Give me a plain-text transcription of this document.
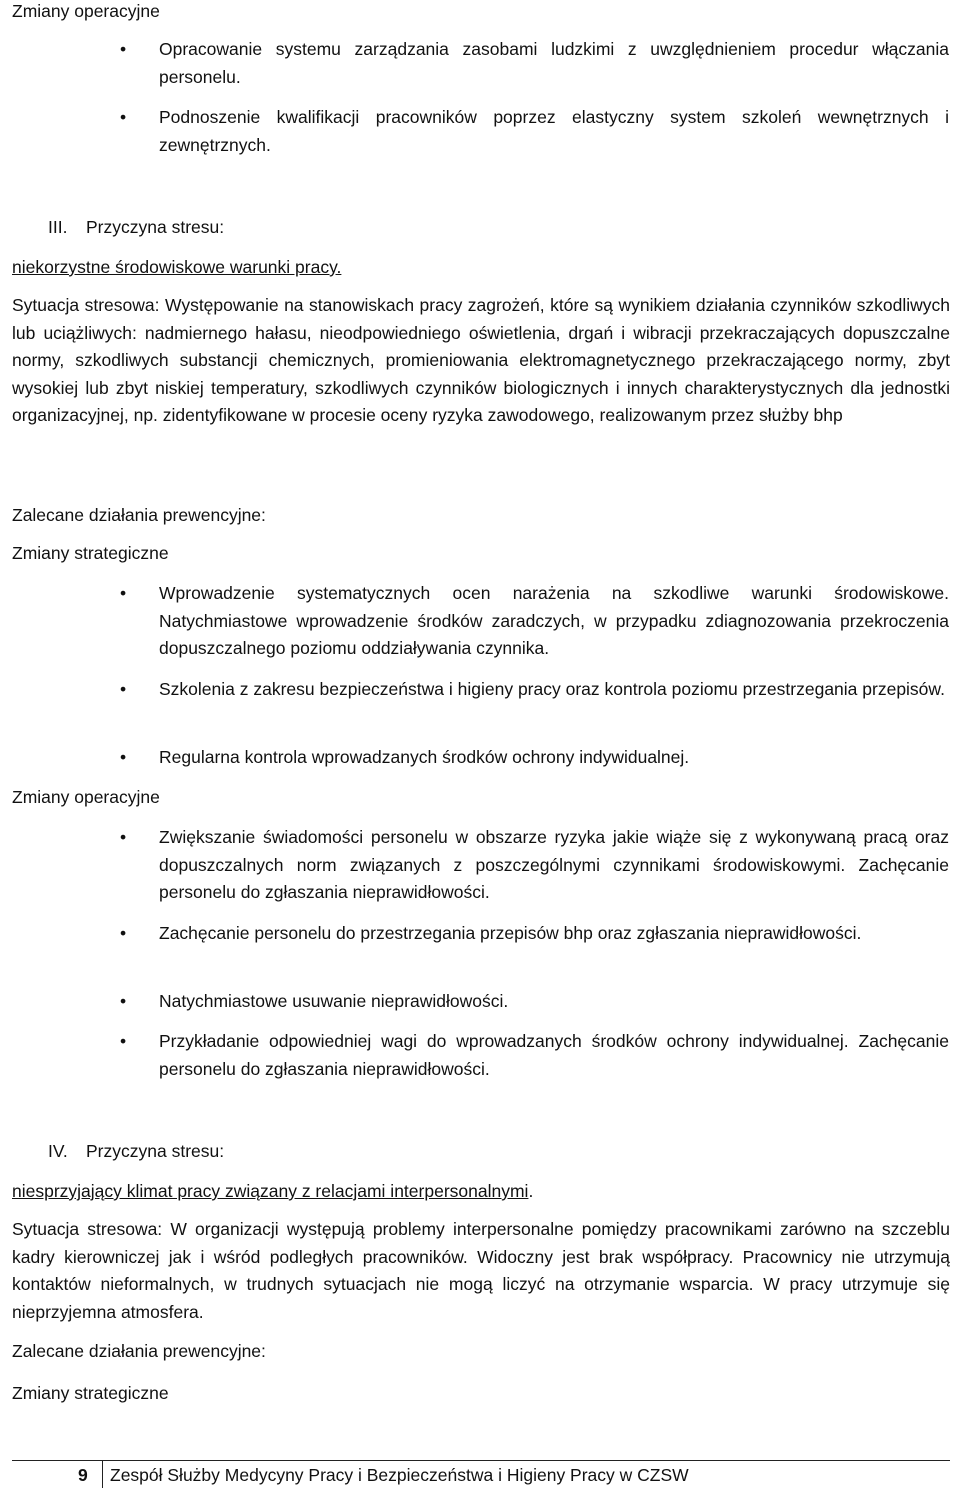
Zmiany operacyjne

• Opracowanie systemu zarządzania zasobami ludzkimi z uwzględnieniem procedur włączania personelu.
• Podnoszenie kwalifikacji pracowników poprzez elastyczny system szkoleń wewnętrznych i zewnętrznych.
III. Przyczyna stresu:

niekorzystne środowiskowe warunki pracy.

Sytuacja stresowa: Występowanie na stanowiskach pracy zagrożeń, które są wynikiem działania czynników szkodliwych lub uciążliwych: nadmiernego hałasu, nieodpowiedniego oświetlenia, drgań i wibracji przekraczających dopuszczalne normy, szkodliwych substancji chemicznych, promieniowania elektromagnetycznego przekraczającego normy, zbyt wysokiej lub zbyt niskiej temperatury, szkodliwych czynników biologicznych i innych charakterystycznych dla jednostki organizacyjnej, np. zidentyfikowane w procesie oceny ryzyka zawodowego, realizowanym przez służby bhp

Zalecane działania prewencyjne:

Zmiany strategiczne

• Wprowadzenie systematycznych ocen narażenia na szkodliwe warunki środowiskowe. Natychmiastowe wprowadzenie środków zaradczych, w przypadku zdiagnozowania przekroczenia dopuszczalnego poziomu oddziaływania czynnika.
• Szkolenia z zakresu bezpieczeństwa i higieny pracy oraz kontrola poziomu przestrzegania przepisów.
• Regularna kontrola wprowadzanych środków ochrony indywidualnej.

Zmiany operacyjne

• Zwiększanie świadomości personelu w obszarze ryzyka jakie wiąże się z wykonywaną pracą oraz dopuszczalnych norm związanych z poszczególnymi czynnikami środowiskowymi. Zachęcanie personelu do zgłaszania nieprawidłowości.
• Zachęcanie personelu do przestrzegania przepisów bhp oraz zgłaszania nieprawidłowości.
• Natychmiastowe usuwanie nieprawidłowości.
• Przykładanie odpowiedniej wagi do wprowadzanych środków ochrony indywidualnej. Zachęcanie personelu do zgłaszania nieprawidłowości.
IV. Przyczyna stresu:

niesprzyjający klimat pracy związany z relacjami interpersonalnymi.

Sytuacja stresowa: W organizacji występują problemy interpersonalne pomiędzy pracownikami zarówno na szczeblu kadry kierowniczej jak i wśród podległych pracowników. Widoczny jest brak współpracy. Pracownicy nie utrzymują kontaktów nieformalnych, w trudnych sytuacjach nie mogą liczyć na otrzymanie wsparcia. W pracy utrzymuje się nieprzyjemna atmosfera.

Zalecane działania prewencyjne:

Zmiany strategiczne

9 Zespół Służby Medycyny Pracy i Bezpieczeństwa i Higieny Pracy w CZSW
